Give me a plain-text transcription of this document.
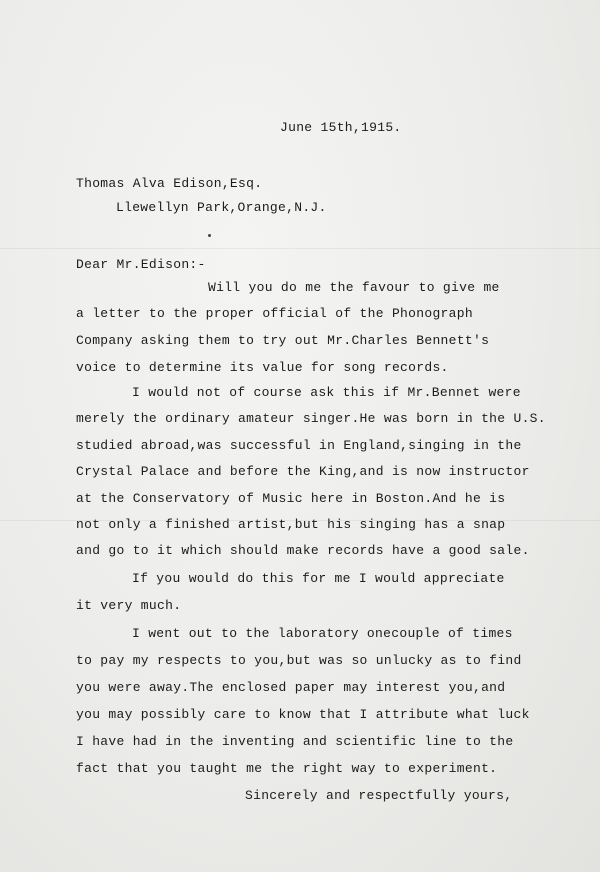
June 15th,1915.
Thomas Alva Edison,Esq.
Llewellyn Park,Orange,N.J.
Dear Mr.Edison:-
Will you do me the favour to give me
a letter to the proper official of the Phonograph
Company asking them to try out Mr.Charles Bennett's
voice to determine its value for song records.
I would not of course ask this if Mr.Bennet were
merely the ordinary amateur singer.He was born in the U.S.
studied abroad,was successful in England,singing in the
Crystal Palace and before the King,and is now instructor
at the Conservatory of Music here in Boston.And he is
not only a finished artist,but his singing has a snap
and go to it which should make records have a good sale.
If you would do this for me I would appreciate
it very much.
I went out to the laboratory onecouple of times
to pay my respects to you,but was so unlucky as to find
you were away.The enclosed paper may interest you,and
you may possibly care to know that I attribute what luck
I have had in the inventing and scientific line to the
fact that you taught me the right way to experiment.
Sincerely and respectfully yours,
